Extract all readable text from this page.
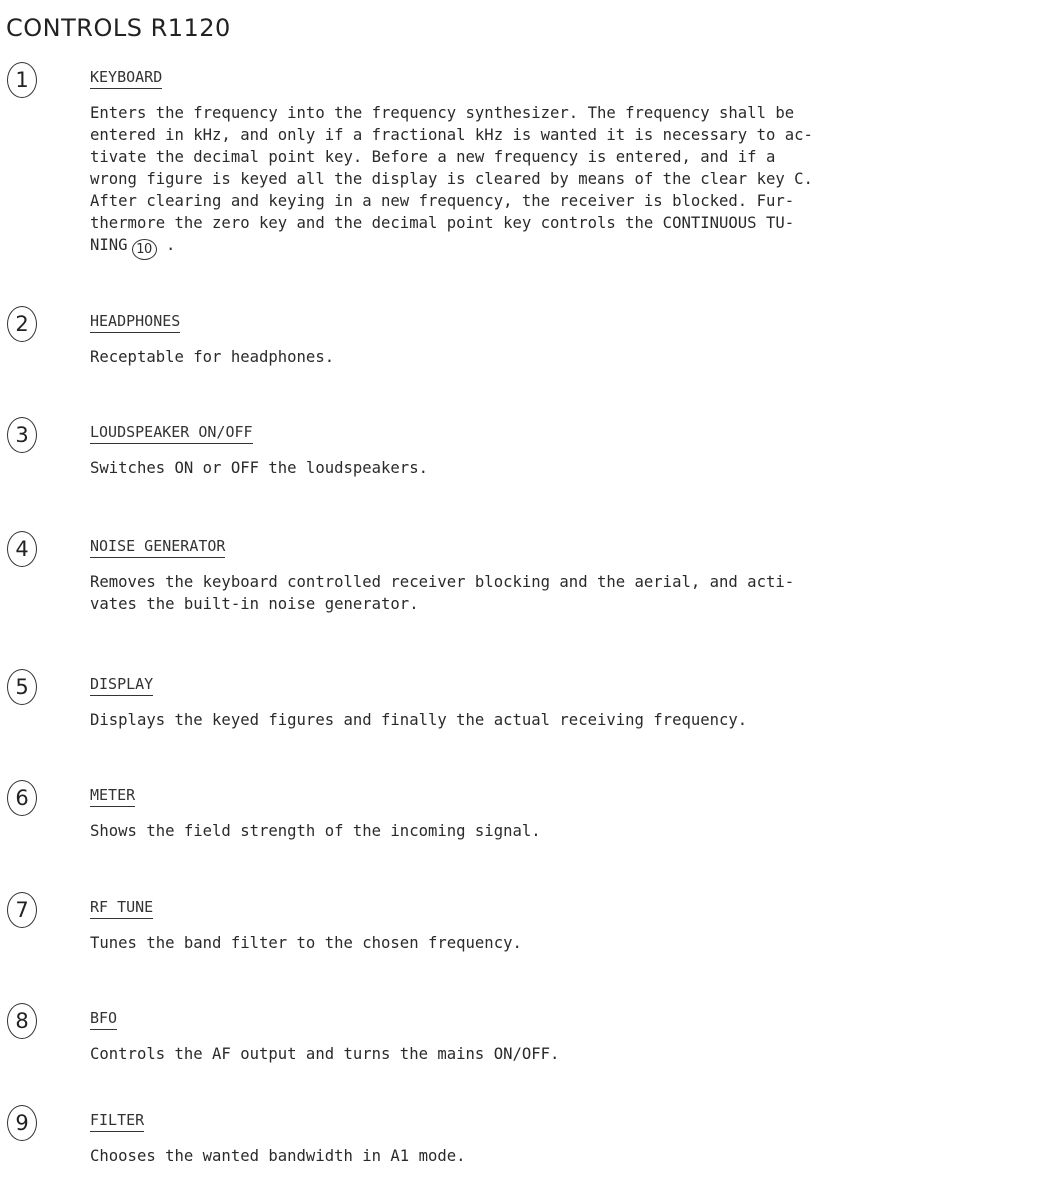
CONTROLS R1120
1	KEYBOARD
Enters the frequency into the frequency synthesizer. The frequency shall be
entered in kHz, and only if a fractional kHz is wanted it is necessary to ac-
tivate the decimal point key. Before a new frequency is entered, and if a
wrong figure is keyed all the display is cleared by means of the clear key C.
After clearing and keying in a new frequency, the receiver is blocked. Fur-
thermore the zero key and the decimal point key controls the CONTINUOUS TU-
NING 10 .
2	HEADPHONES
Receptable for headphones.
3	LOUDSPEAKER ON/OFF
Switches ON or OFF the loudspeakers.
4	NOISE GENERATOR
Removes the keyboard controlled receiver blocking and the aerial, and acti-
vates the built-in noise generator.
5	DISPLAY
Displays the keyed figures and finally the actual receiving frequency.
6	METER
Shows the field strength of the incoming signal.
7	RF TUNE
Tunes the band filter to the chosen frequency.
8	BFO
Controls the AF output and turns the mains ON/OFF.
9	FILTER
Chooses the wanted bandwidth in A1 mode.
